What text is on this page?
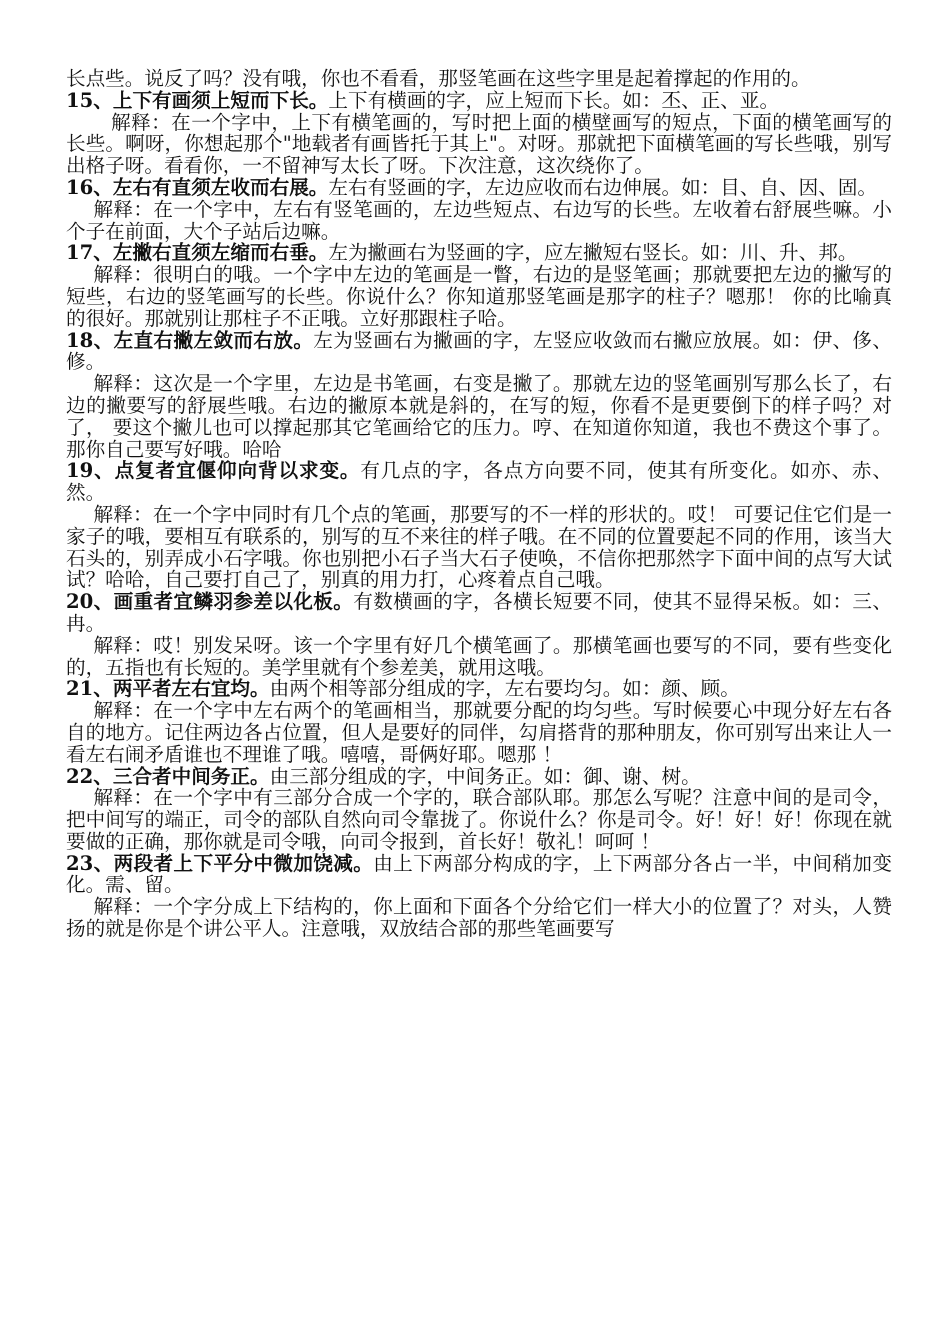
长点些。说反了吗？没有哦，你也不看看，那竖笔画在这些字里是起着撑起的作用的。

15、上下有画须上短而下长。上下有横画的字，应上短而下长。如：丕、正、亚。

解释：在一个字中，上下有横笔画的，写时把上面的横壁画写的短点，下面的横笔画写的长些。啊呀，你想起那个"地载者有画皆托于其上"。对呀。那就把下面横笔画的写长些哦，别写出格子呀。看看你，一不留神写太长了呀。下次注意，这次绕你了。

16、左右有直须左收而右展。左右有竖画的字，左边应收而右边伸展。如：目、自、因、固。

解释：在一个字中，左右有竖笔画的，左边些短点、右边写的长些。左收着右舒展些嘛。小个子在前面，大个子站后边嘛。

17、左撇右直须左缩而右垂。左为撇画右为竖画的字，应左撇短右竖长。如：川、升、邦。

解释：很明白的哦。一个字中左边的笔画是一瞥，右边的是竖笔画；那就要把左边的撇写的短些，右边的竖笔画写的长些。你说什么？你知道那竖笔画是那字的柱子？嗯那！ 你的比喻真的很好。那就别让那柱子不正哦。立好那跟柱子哈。

18、左直右撇左敛而右放。左为竖画右为撇画的字，左竖应收敛而右撇应放展。如：伊、侈、修。

解释：这次是一个字里，左边是书笔画，右变是撇了。那就左边的竖笔画别写那么长了，右边的撇要写的舒展些哦。右边的撇原本就是斜的，在写的短，你看不是更要倒下的样子吗？对了， 要这个撇儿也可以撑起那其它笔画给它的压力。哼、在知道你知道，我也不费这个事了。那你自己要写好哦。哈哈

19、点复者宜偃仰向背以求变。有几点的字，各点方向要不同，使其有所变化。如亦、赤、然。

解释：在一个字中同时有几个点的笔画，那要写的不一样的形状的。哎！ 可要记住它们是一家子的哦，要相互有联系的，别写的互不来往的样子哦。在不同的位置要起不同的作用，该当大石头的，别弄成小石字哦。你也别把小石子当大石子使唤，不信你把那然字下面中间的点写大试试？哈哈，自己要打自己了，别真的用力打，心疼着点自己哦。

20、画重者宜鳞羽参差以化板。有数横画的字，各横长短要不同，使其不显得呆板。如：三、冉。

解释：哎！别发呆呀。该一个字里有好几个横笔画了。那横笔画也要写的不同，要有些变化的，五指也有长短的。美学里就有个参差美，就用这哦。

21、两平者左右宜均。由两个相等部分组成的字，左右要均匀。如：颜、顾。

解释：在一个字中左右两个的笔画相当，那就要分配的均匀些。写时候要心中现分好左右各自的地方。记住两边各占位置，但人是要好的同伴，勾肩搭背的那种朋友，你可别写出来让人一看左右闹矛盾谁也不理谁了哦。嘻嘻，哥俩好耶。嗯那 ！

22、三合者中间务正。由三部分组成的字，中间务正。如：御、谢、树。

解释：在一个字中有三部分合成一个字的，联合部队耶。那怎么写呢？注意中间的是司令，把中间写的端正，司令的部队自然向司令靠拢了。你说什么？你是司令。好！好！好！你现在就要做的正确，那你就是司令哦，向司令报到，首长好！敬礼！呵呵 ！

23、两段者上下平分中微加饶减。由上下两部分构成的字，上下两部分各占一半，中间稍加变化。需、留。

解释：一个字分成上下结构的，你上面和下面各个分给它们一样大小的位置了？对头，人赞扬的就是你是个讲公平人。注意哦，双放结合部的那些笔画要写
